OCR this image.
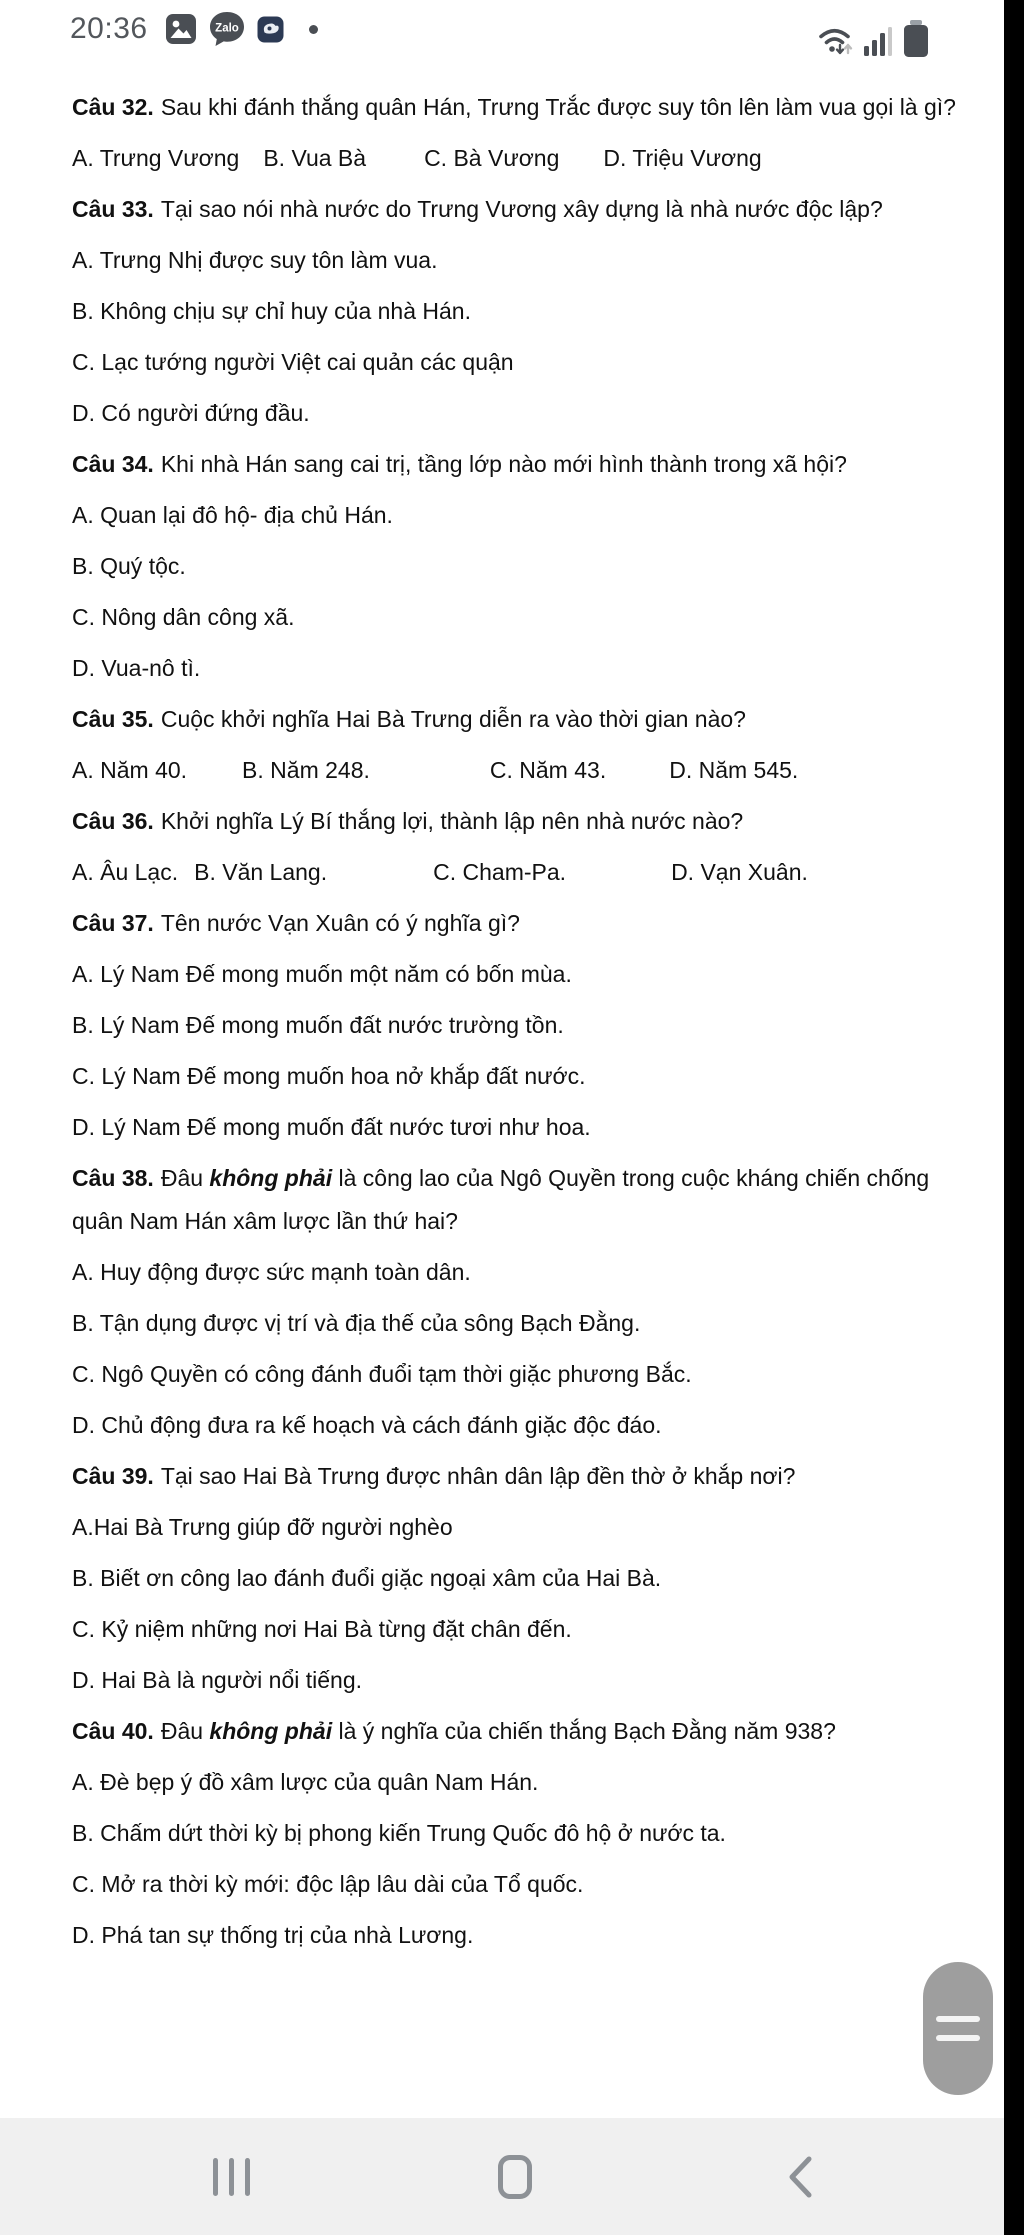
20:36	Zalo

Câu 32. Sau khi đánh thắng quân Hán, Trưng Trắc được suy tôn lên làm vua gọi là gì?

A. Trưng Vương B. Vua Bà	C. Bà Vương D. Triệu Vương

Câu 33. Tại sao nói nhà nước do Trưng Vương xây dựng là nhà nước độc lập?

A. Trưng Nhị được suy tôn làm vua.

B. Không chịu sự chỉ huy của nhà Hán.

C. Lạc tướng người Việt cai quản các quận

D. Có người đứng đầu.

Câu 34. Khi nhà Hán sang cai trị, tầng lớp nào mới hình thành trong xã hội?

A. Quan lại đô hộ- địa chủ Hán.

B. Quý tộc.

C. Nông dân công xã.

D. Vua-nô tì.

Câu 35. Cuộc khởi nghĩa Hai Bà Trưng diễn ra vào thời gian nào?

A. Năm 40. B. Năm 248.	C. Năm 43.	D. Năm 545.

Câu 36. Khởi nghĩa Lý Bí thắng lợi, thành lập nên nhà nước nào?

A. Âu Lạc. B. Văn Lang.	C. Cham-Pa.	D. Vạn Xuân.

Câu 37. Tên nước Vạn Xuân có ý nghĩa gì?

A. Lý Nam Đế mong muốn một năm có bốn mùa.

B. Lý Nam Đế mong muốn đất nước trường tồn.

C. Lý Nam Đế mong muốn hoa nở khắp đất nước.

D. Lý Nam Đế mong muốn đất nước tươi như hoa.

Câu 38. Đâu không phải là công lao của Ngô Quyền trong cuộc kháng chiến chống quân Nam Hán xâm lược lần thứ hai?

A. Huy động được sức mạnh toàn dân.

B. Tận dụng được vị trí và địa thế của sông Bạch Đằng.

C. Ngô Quyền có công đánh đuổi tạm thời giặc phương Bắc.

D. Chủ động đưa ra kế hoạch và cách đánh giặc độc đáo.

Câu 39. Tại sao Hai Bà Trưng được nhân dân lập đền thờ ở khắp nơi?

A.Hai Bà Trưng giúp đỡ người nghèo

B. Biết ơn công lao đánh đuổi giặc ngoại xâm của Hai Bà.

C. Kỷ niệm những nơi Hai Bà từng đặt chân đến.

D. Hai Bà là người nổi tiếng.

Câu 40. Đâu không phải là ý nghĩa của chiến thắng Bạch Đằng năm 938?

A. Đè bẹp ý đồ xâm lược của quân Nam Hán.

B. Chấm dứt thời kỳ bị phong kiến Trung Quốc đô hộ ở nước ta.

C. Mở ra thời kỳ mới: độc lập lâu dài của Tổ quốc.

D. Phá tan sự thống trị của nhà Lương.
